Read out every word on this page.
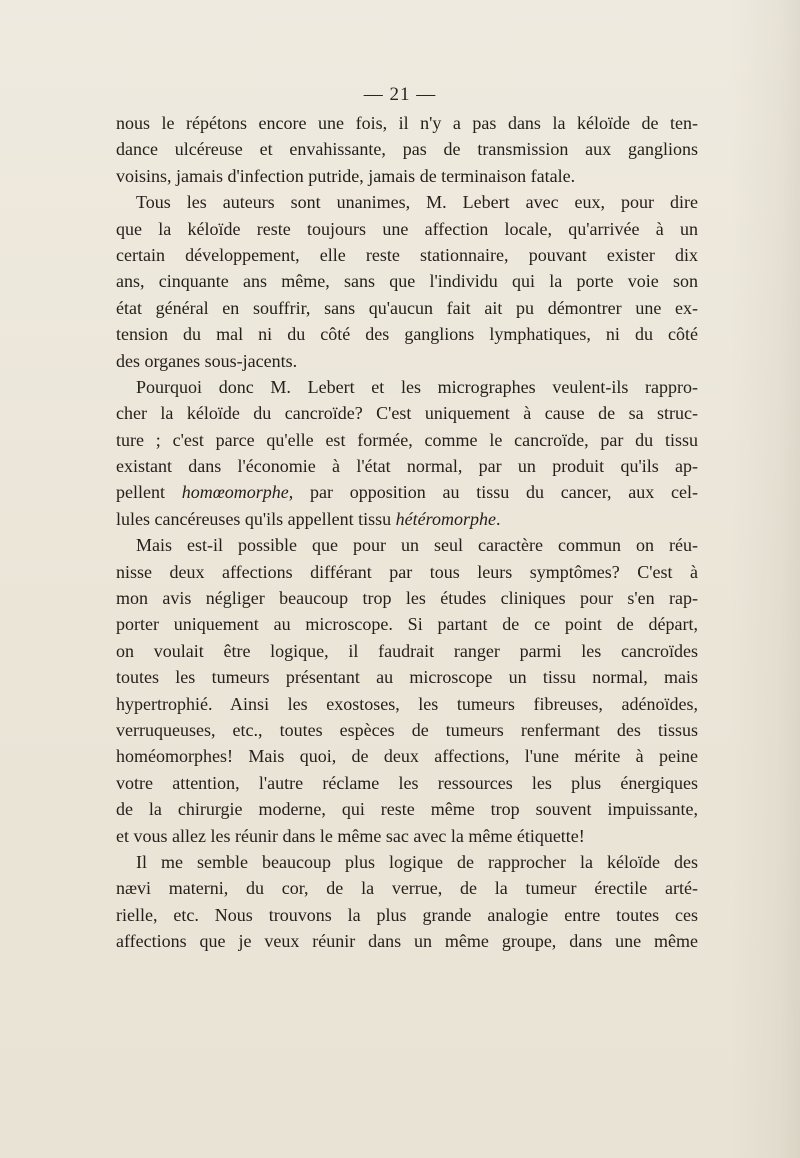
— 21 —
nous le répétons encore une fois, il n'y a pas dans la kéloïde de ten-
dance ulcéreuse et envahissante, pas de transmission aux ganglions
voisins, jamais d'infection putride, jamais de terminaison fatale.
Tous les auteurs sont unanimes, M. Lebert avec eux, pour dire
que la kéloïde reste toujours une affection locale, qu'arrivée à un
certain développement, elle reste stationnaire, pouvant exister dix
ans, cinquante ans même, sans que l'individu qui la porte voie son
état général en souffrir, sans qu'aucun fait ait pu démontrer une ex-
tension du mal ni du côté des ganglions lymphatiques, ni du côté
des organes sous-jacents.
Pourquoi donc M. Lebert et les micrographes veulent-ils rappro-
cher la kéloïde du cancroïde? C'est uniquement à cause de sa struc-
ture ; c'est parce qu'elle est formée, comme le cancroïde, par du tissu
existant dans l'économie à l'état normal, par un produit qu'ils ap-
pellent homœomorphe, par opposition au tissu du cancer, aux cel-
lules cancéreuses qu'ils appellent tissu hétéromorphe.
Mais est-il possible que pour un seul caractère commun on réu-
nisse deux affections différant par tous leurs symptômes? C'est à
mon avis négliger beaucoup trop les études cliniques pour s'en rap-
porter uniquement au microscope. Si partant de ce point de départ,
on voulait être logique, il faudrait ranger parmi les cancroïdes
toutes les tumeurs présentant au microscope un tissu normal, mais
hypertrophié. Ainsi les exostoses, les tumeurs fibreuses, adénoïdes,
verruqueuses, etc., toutes espèces de tumeurs renfermant des tissus
homéomorphes! Mais quoi, de deux affections, l'une mérite à peine
votre attention, l'autre réclame les ressources les plus énergiques
de la chirurgie moderne, qui reste même trop souvent impuissante,
et vous allez les réunir dans le même sac avec la même étiquette!
Il me semble beaucoup plus logique de rapprocher la kéloïde des
nævi materni, du cor, de la verrue, de la tumeur érectile arté-
rielle, etc. Nous trouvons la plus grande analogie entre toutes ces
affections que je veux réunir dans un même groupe, dans une même
